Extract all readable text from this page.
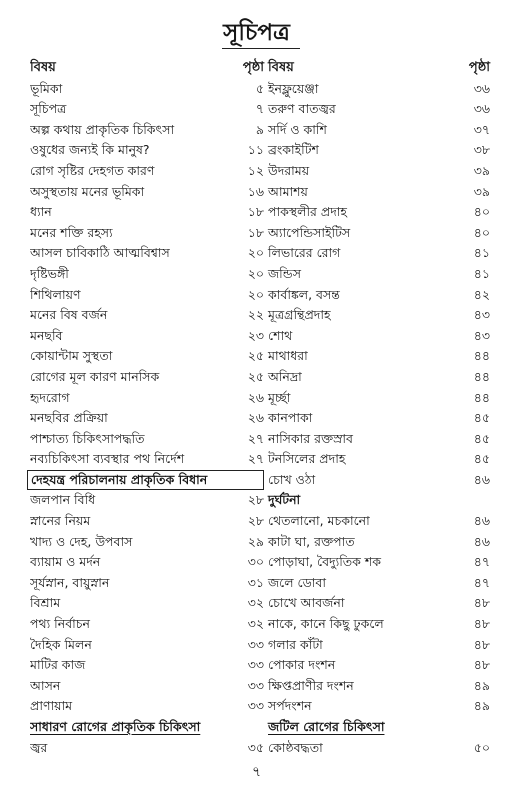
সূচিপত্র
বিষয়	পৃষ্ঠা
ভূমিকা	৫
সূচিপত্র	৭
অল্প কথায় প্রাকৃতিক চিকিৎসা	৯
ওষুধের জন্যই কি মানুষ?	১১
রোগ সৃষ্টির দেহগত কারণ	১২
অসুস্থতায় মনের ভূমিকা	১৬
ধ্যান	১৮
মনের শক্তি রহস্য	১৮
আসল চাবিকাঠি আত্মবিশ্বাস	২০
দৃষ্টিভঙ্গী	২০
শিথিলায়ণ	২০
মনের বিষ বর্জন	২২
মনছবি	২৩
কোয়ান্টাম সুস্থতা	২৫
রোগের মূল কারণ মানসিক	২৫
হৃদরোগ	২৬
মনছবির প্রক্রিয়া	২৬
পাশ্চাত্য চিকিৎসাপদ্ধতি	২৭
নব্যচিকিৎসা ব্যবস্থার পথ নির্দেশ	২৭
দেহযন্ত্র পরিচালনায় প্রাকৃতিক বিধান
জলপান বিধি	২৮
স্নানের নিয়ম	২৮
খাদ্য ও দেহ, উপবাস	২৯
ব্যায়াম ও মর্দন	৩০
সূর্যস্নান, বায়ুস্নান	৩১
বিশ্রাম	৩২
পথ্য নির্বাচন	৩২
দৈহিক মিলন	৩৩
মাটির কাজ	৩৩
আসন	৩৩
প্রাণায়াম	৩৩
সাধারণ রোগের প্রাকৃতিক চিকিৎসা
জ্বর	৩৫
বিষয়	পৃষ্ঠা
ইনফ্লুয়েঞ্জা	৩৬
তরুণ বাতজ্বর	৩৬
সর্দি ও কাশি	৩৭
ব্রংকাইটিশ	৩৮
উদরাময়	৩৯
আমাশয়	৩৯
পাকস্থলীর প্রদাহ	৪০
অ্যাপেন্ডিসাইটিস	৪০
লিভারের রোগ	৪১
জন্ডিস	৪১
কার্বাঙ্কল, বসন্ত	৪২
মূত্রগ্রন্থিপ্রদাহ	৪৩
শোথ	৪৩
মাথাধরা	৪৪
অনিদ্রা	৪৪
মূর্চ্ছা	৪৪
কানপাকা	৪৫
নাসিকার রক্তস্রাব	৪৫
টনসিলের প্রদাহ	৪৫
চোখ ওঠা	৪৬
দুর্ঘটনা
থেতলানো, মচকানো	৪৬
কাটা ঘা, রক্তপাত	৪৬
পোড়াঘা, বৈদ্যুতিক শক	৪৭
জলে ডোবা	৪৭
চোখে আবর্জনা	৪৮
নাকে, কানে কিছু ঢুকলে	৪৮
গলার কাঁটা	৪৮
পোকার দংশন	৪৮
ক্ষিপ্তপ্রাণীর দংশন	৪৯
সর্পদংশন	৪৯
জটিল রোগের চিকিৎসা
কোষ্ঠবদ্ধতা	৫০
৭
